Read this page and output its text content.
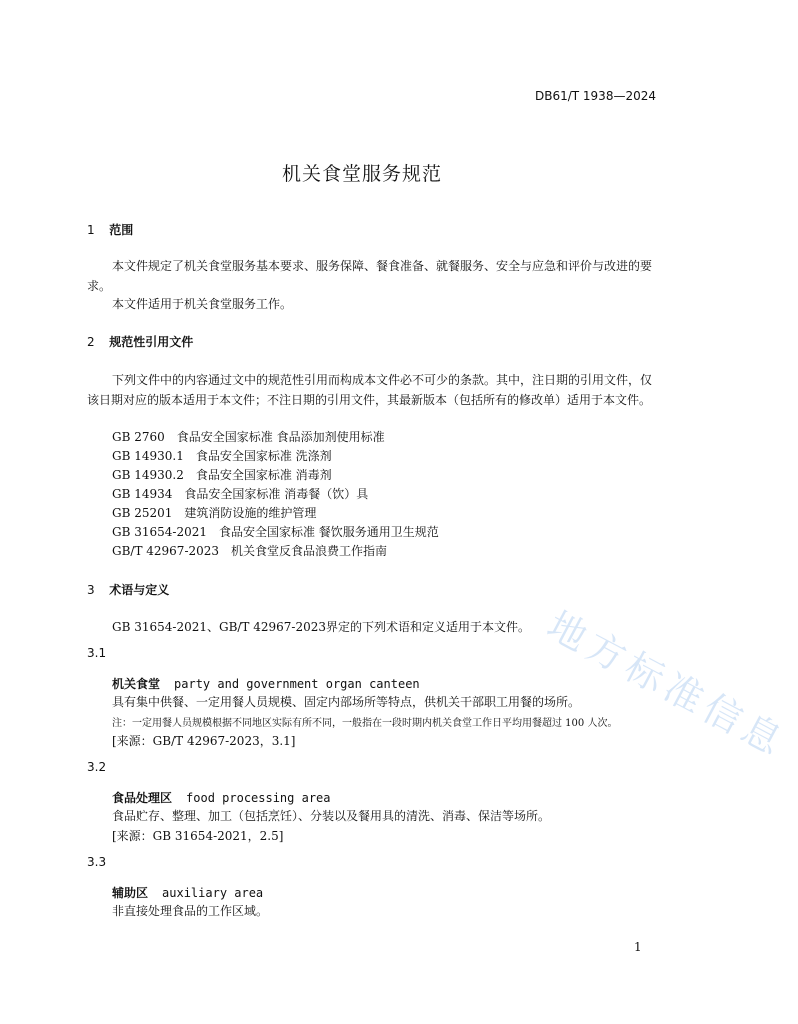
DB61/T 1938—2024
机关食堂服务规范
1 范围
本文件规定了机关食堂服务基本要求、服务保障、餐食准备、就餐服务、安全与应急和评价与改进的要求。
本文件适用于机关食堂服务工作。
2 规范性引用文件
下列文件中的内容通过文中的规范性引用而构成本文件必不可少的条款。其中，注日期的引用文件，仅该日期对应的版本适用于本文件；不注日期的引用文件，其最新版本（包括所有的修改单）适用于本文件。
GB 2760　食品安全国家标准 食品添加剂使用标准
GB 14930.1　食品安全国家标准 洗涤剂
GB 14930.2　食品安全国家标准 消毒剂
GB 14934　食品安全国家标准 消毒餐（饮）具
GB 25201　建筑消防设施的维护管理
GB 31654-2021　食品安全国家标准 餐饮服务通用卫生规范
GB/T 42967-2023　机关食堂反食品浪费工作指南
3 术语与定义
GB 31654-2021、GB/T 42967-2023界定的下列术语和定义适用于本文件。
3.1
机关食堂 party and government organ canteen
具有集中供餐、一定用餐人员规模、固定内部场所等特点，供机关干部职工用餐的场所。
注：一定用餐人员规模根据不同地区实际有所不同，一般指在一段时期内机关食堂工作日平均用餐超过 100 人次。
[来源：GB/T 42967-2023，3.1]
3.2
食品处理区 food processing area
食品贮存、整理、加工（包括烹饪）、分装以及餐用具的清洗、消毒、保洁等场所。
[来源：GB 31654-2021，2.5]
3.3
辅助区 auxiliary area
非直接处理食品的工作区域。
1
地方标准信息
